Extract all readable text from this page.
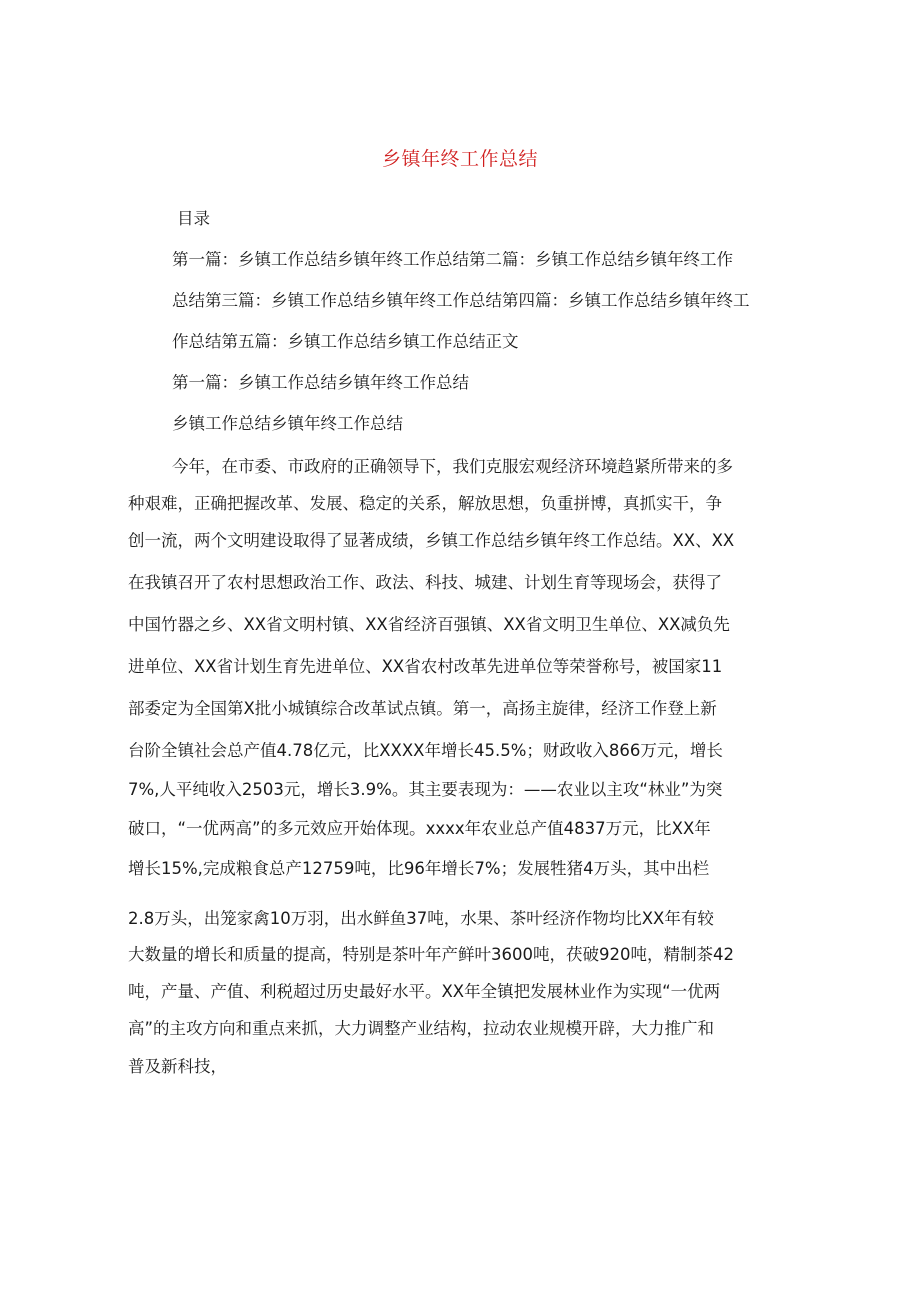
乡镇年终工作总结

目录

第一篇：乡镇工作总结乡镇年终工作总结第二篇：乡镇工作总结乡镇年终工作

总结第三篇：乡镇工作总结乡镇年终工作总结第四篇：乡镇工作总结乡镇年终工

作总结第五篇：乡镇工作总结乡镇工作总结正文

第一篇：乡镇工作总结乡镇年终工作总结

乡镇工作总结乡镇年终工作总结

今年，在市委、市政府的正确领导下，我们克服宏观经济环境趋紧所带来的多

种艰难，正确把握改革、发展、稳定的关系，解放思想，负重拼博，真抓实干，争

创一流，两个文明建设取得了显著成绩，乡镇工作总结乡镇年终工作总结。XX、XX

在我镇召开了农村思想政治工作、政法、科技、城建、计划生育等现场会，获得了

中国竹器之乡、XX省文明村镇、XX省经济百强镇、XX省文明卫生单位、XX减负先

进单位、XX省计划生育先进单位、XX省农村改革先进单位等荣誉称号，被国家11

部委定为全国第X批小城镇综合改革试点镇。第一，高扬主旋律，经济工作登上新

台阶全镇社会总产值4.78亿元，比XXXX年增长45.5%；财政收入866万元，增长

7%,人平纯收入2503元，增长3.9%。其主要表现为：——农业以主攻“林业”为突

破口，“一优两高”的多元效应开始体现。xxxx年农业总产值4837万元，比XX年

增长15%,完成粮食总产12759吨，比96年增长7%；发展牲猪4万头，其中出栏

2.8万头，出笼家禽10万羽，出水鲜鱼37吨，水果、茶叶经济作物均比XX年有较

大数量的增长和质量的提高，特别是茶叶年产鲜叶3600吨，茯破920吨，精制茶42

吨，产量、产值、利税超过历史最好水平。XX年全镇把发展林业作为实现“一优两

高”的主攻方向和重点来抓，大力调整产业结构，拉动农业规模开辟，大力推广和

普及新科技，
